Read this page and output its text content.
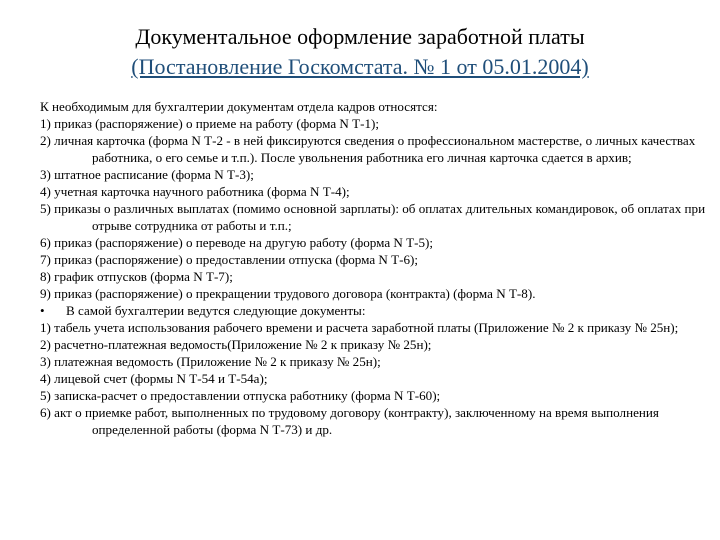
Документальное оформление заработной платы
(Постановление Госкомстата. № 1 от 05.01.2004)
К необходимым для бухгалтерии документам отдела кадров относятся:
1) приказ (распоряжение) о приеме на работу (форма N Т-1);
2) личная карточка (форма N Т-2 - в ней фиксируются сведения о профессиональном мастерстве, о личных качествах работника, о его семье и т.п.). После увольнения работника его личная карточка сдается в архив;
3) штатное расписание (форма N Т-3);
4) учетная карточка научного работника (форма N Т-4);
5) приказы о различных выплатах (помимо основной зарплаты): об оплатах длительных командировок, об оплатах при отрыве сотрудника от работы и т.п.;
6) приказ (распоряжение) о переводе на другую работу (форма N Т-5);
7) приказ (распоряжение) о предоставлении отпуска (форма N Т-6);
8) график отпусков (форма N Т-7);
9) приказ (распоряжение) о прекращении трудового договора (контракта) (форма N Т-8).
• В самой бухгалтерии ведутся следующие документы:
1) табель учета использования рабочего времени и расчета заработной платы (Приложение № 2 к приказу № 25н);
2) расчетно-платежная ведомость(Приложение № 2 к приказу № 25н);
3) платежная ведомость (Приложение № 2 к приказу № 25н);
4) лицевой счет (формы N Т-54 и Т-54а);
5) записка-расчет о предоставлении отпуска работнику (форма N Т-60);
6) акт о приемке работ, выполненных по трудовому договору (контракту), заключенному на время выполнения определенной работы (форма N Т-73) и др.
